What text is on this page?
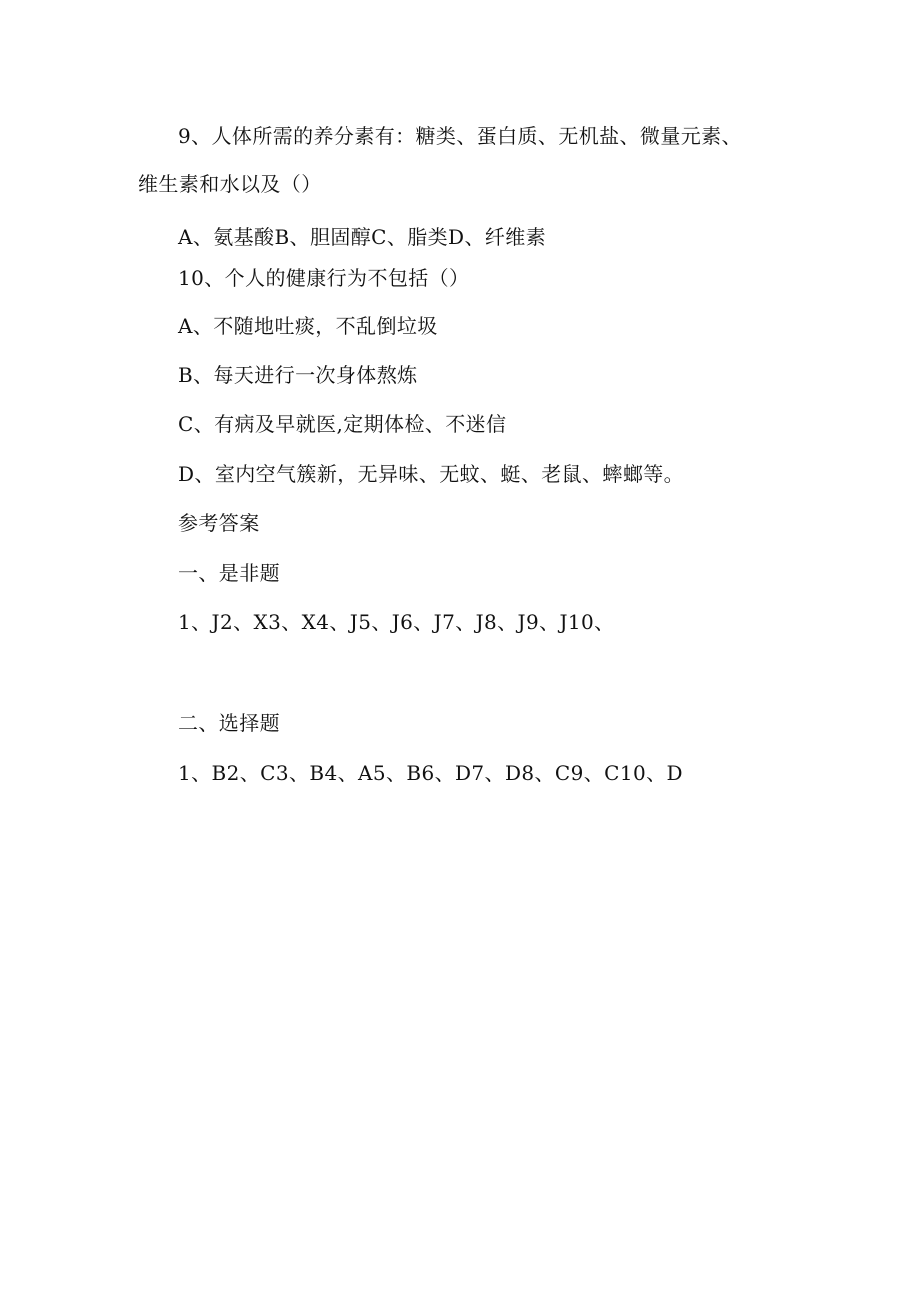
9、人体所需的养分素有：糖类、蛋白质、无机盐、微量元素、
维生素和水以及（）
A、氨基酸B、胆固醇C、脂类D、纤维素
10、个人的健康行为不包括（）
A、不随地吐痰，不乱倒垃圾
B、每天进行一次身体熬炼
C、有病及早就医,定期体检、不迷信
D、室内空气簇新，无异味、无蚊、蜓、老鼠、蟀螂等。
参考答案
一、是非题
1、J2、X3、X4、J5、J6、J7、J8、J9、J10、
二、选择题
1、B2、C3、B4、A5、B6、D7、D8、C9、C10、D
